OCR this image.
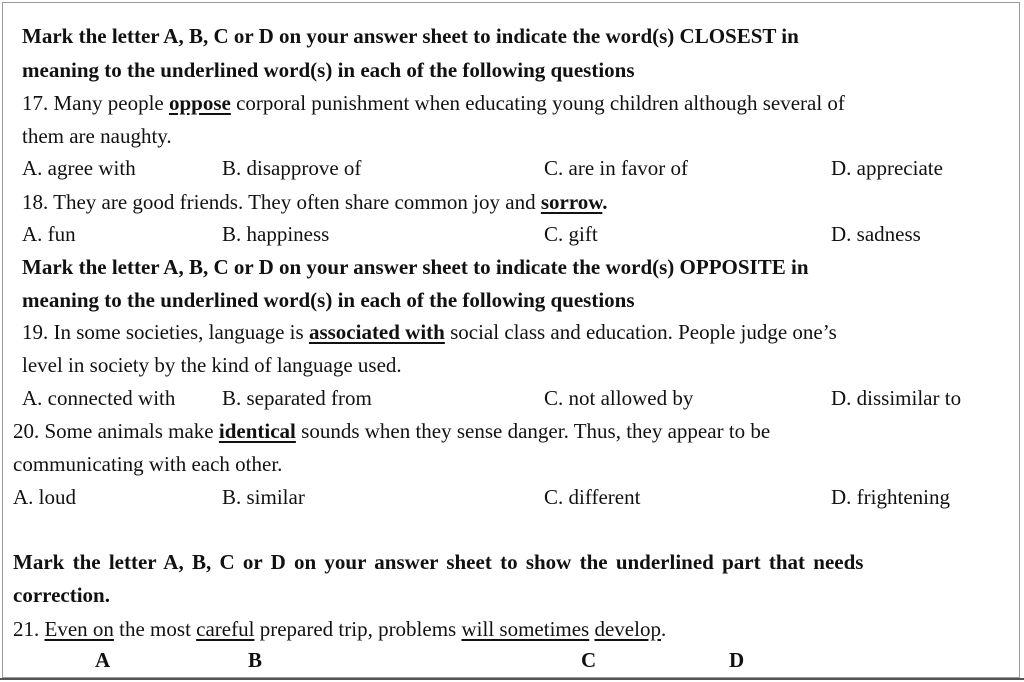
Mark the letter A, B, C or D on your answer sheet to indicate the word(s) CLOSEST in
meaning to the underlined word(s) in each of the following questions
17. Many people oppose corporal punishment when educating young children although several of
them are naughty.
A. agree with	B. disapprove of	C. are in favor of	D. appreciate
18. They are good friends. They often share common joy and sorrow.
A. fun	B. happiness	C. gift	D. sadness
Mark the letter A, B, C or D on your answer sheet to indicate the word(s) OPPOSITE in
meaning to the underlined word(s) in each of the following questions
19. In some societies, language is associated with social class and education. People judge one’s
level in society by the kind of language used.
A. connected with B. separated from	C. not allowed by	D. dissimilar to
20. Some animals make identical sounds when they sense danger. Thus, they appear to be
communicating with each other.
A. loud	B. similar	C. different	D. frightening
Mark the letter A, B, C or D on your answer sheet to show the underlined part that needs
correction.
21. Even on the most careful prepared trip, problems will sometimes develop.
A	B	C	D
